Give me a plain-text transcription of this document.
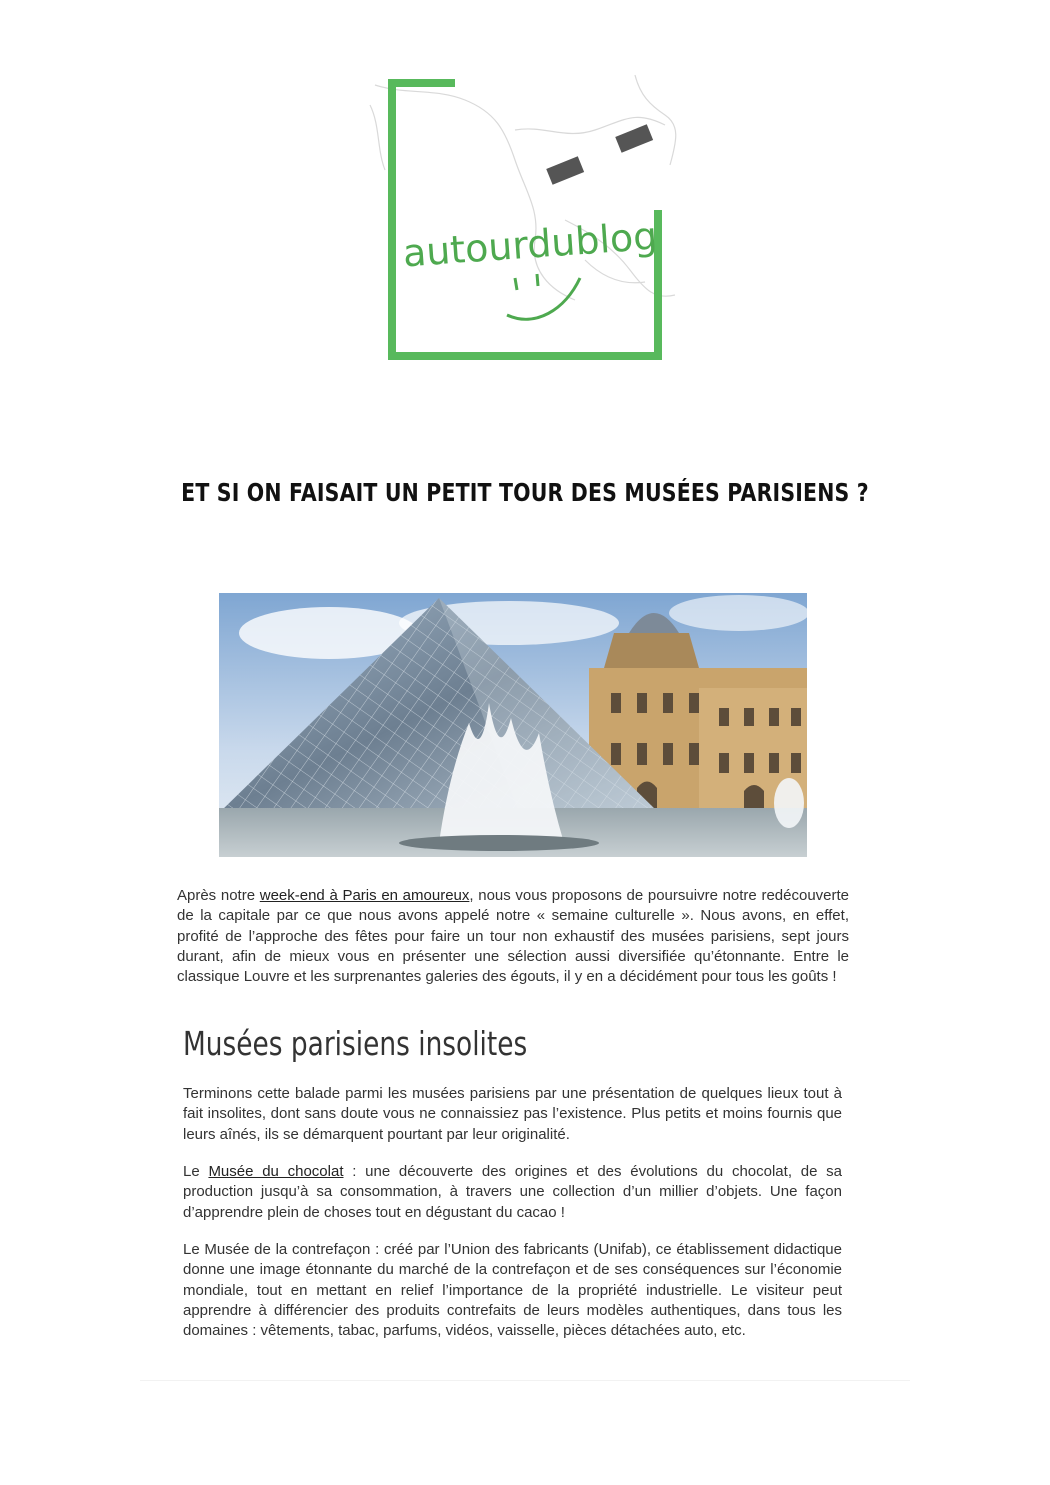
autourdublog
ET SI ON FAISAIT UN PETIT TOUR DES MUSÉES PARISIENS ?

Après notre week-end à Paris en amoureux, nous vous proposons de poursuivre notre redécouverte de la capitale par ce que nous avons appelé notre « semaine culturelle ». Nous avons, en effet, profité de l’approche des fêtes pour faire un tour non exhaustif des musées parisiens, sept jours durant, afin de mieux vous en présenter une sélection aussi diversifiée qu’étonnante. Entre le classique Louvre et les surprenantes galeries des égouts, il y en a décidément pour tous les goûts !

Musées parisiens insolites

Terminons cette balade parmi les musées parisiens par une présentation de quelques lieux tout à fait insolites, dont sans doute vous ne connaissiez pas l’existence. Plus petits et moins fournis que leurs aînés, ils se démarquent pourtant par leur originalité.

Le Musée du chocolat : une découverte des origines et des évolutions du chocolat, de sa production jusqu’à sa consommation, à travers une collection d’un millier d’objets. Une façon d’apprendre plein de choses tout en dégustant du cacao !

Le Musée de la contrefaçon : créé par l’Union des fabricants (Unifab), ce établissement didactique donne une image étonnante du marché de la contrefaçon et de ses conséquences sur l’économie mondiale, tout en mettant en relief l’importance de la propriété industrielle. Le visiteur peut apprendre à différencier des produits contrefaits de leurs modèles authentiques, dans tous les domaines : vêtements, tabac, parfums, vidéos, vaisselle, pièces détachées auto, etc.
